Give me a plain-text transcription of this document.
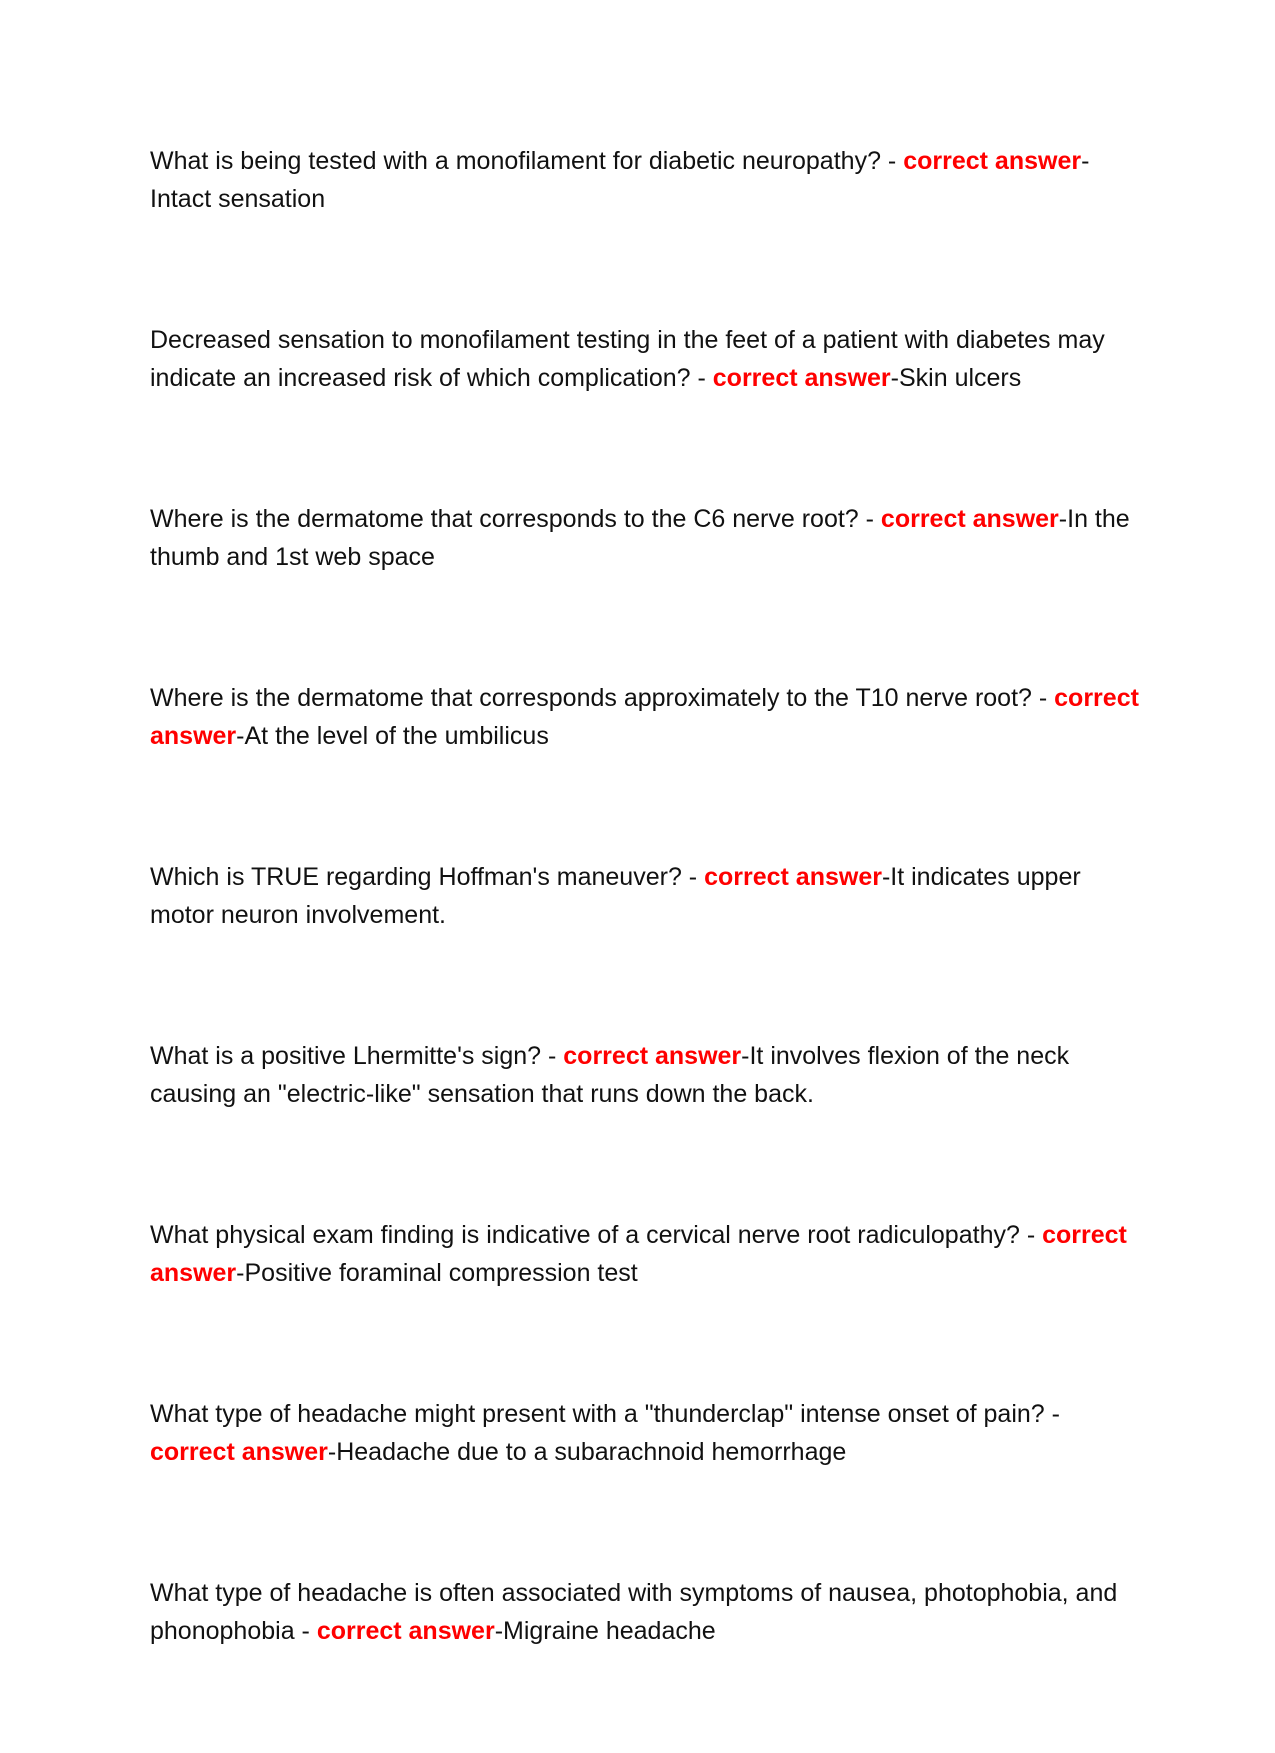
What is being tested with a monofilament for diabetic neuropathy? - correct answer-Intact sensation

Decreased sensation to monofilament testing in the feet of a patient with diabetes may indicate an increased risk of which complication? - correct answer-Skin ulcers

Where is the dermatome that corresponds to the C6 nerve root? - correct answer-In the thumb and 1st web space

Where is the dermatome that corresponds approximately to the T10 nerve root? - correct answer-At the level of the umbilicus

Which is TRUE regarding Hoffman's maneuver? - correct answer-It indicates upper motor neuron involvement.

What is a positive Lhermitte's sign? - correct answer-It involves flexion of the neck causing an "electric-like" sensation that runs down the back.

What physical exam finding is indicative of a cervical nerve root radiculopathy? - correct answer-Positive foraminal compression test

What type of headache might present with a "thunderclap" intense onset of pain? - correct answer-Headache due to a subarachnoid hemorrhage

What type of headache is often associated with symptoms of nausea, photophobia, and phonophobia - correct answer-Migraine headache
